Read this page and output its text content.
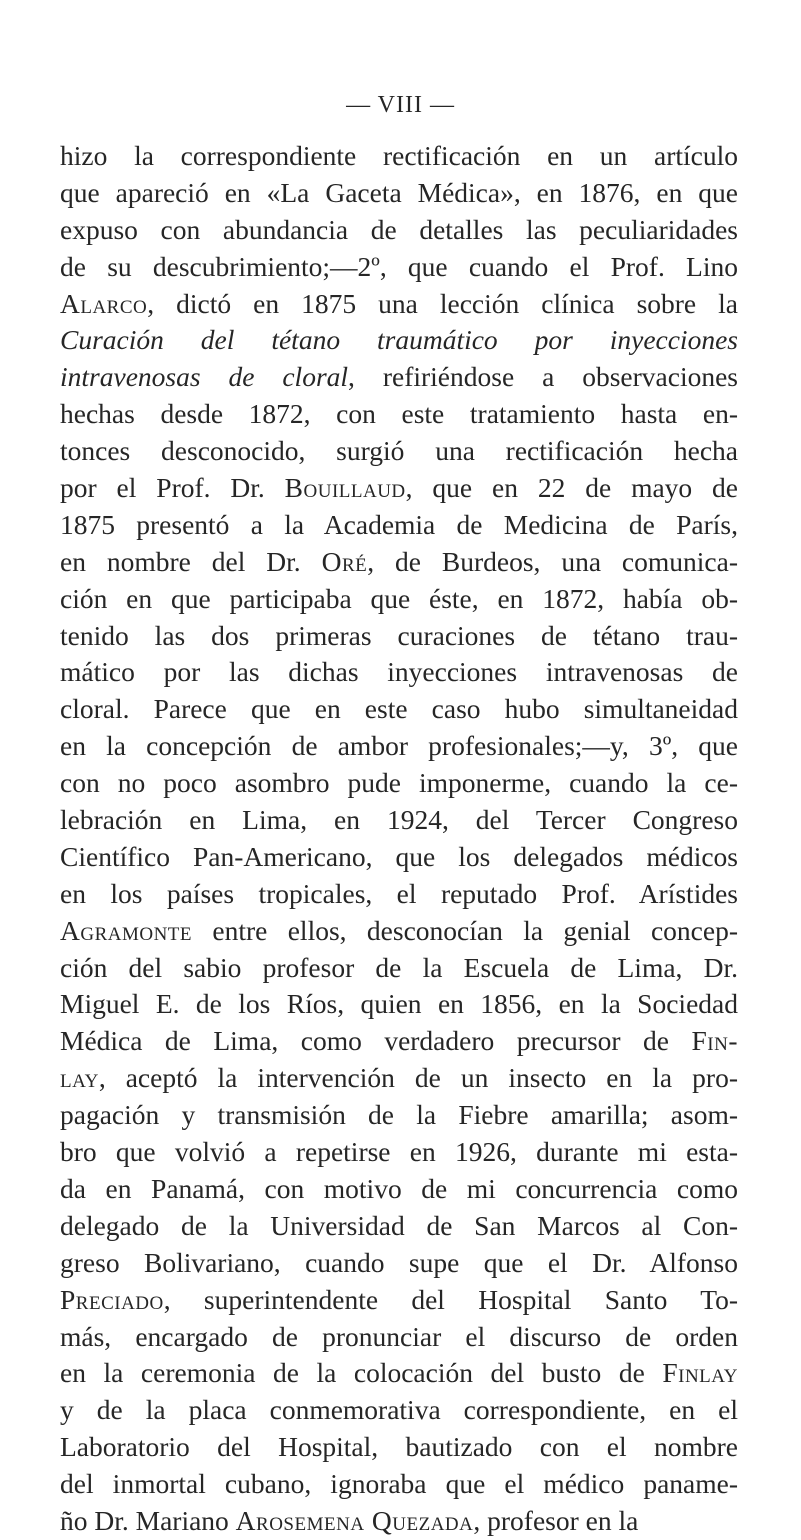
— VIII —
hizo la correspondiente rectificación en un artículo
que apareció en «La Gaceta Médica», en 1876, en que
expuso con abundancia de detalles las peculiaridades
de su descubrimiento;—2º, que cuando el Prof. Lino
Alarco, dictó en 1875 una lección clínica sobre la
Curación del tétano traumático por inyecciones
intravenosas de cloral, refiriéndose a observaciones
hechas desde 1872, con este tratamiento hasta en-
tonces desconocido, surgió una rectificación hecha
por el Prof. Dr. Bouillaud, que en 22 de mayo de
1875 presentó a la Academia de Medicina de París,
en nombre del Dr. Oré, de Burdeos, una comunica-
ción en que participaba que éste, en 1872, había ob-
tenido las dos primeras curaciones de tétano trau-
mático por las dichas inyecciones intravenosas de
cloral. Parece que en este caso hubo simultaneidad
en la concepción de ambor profesionales;—y, 3º, que
con no poco asombro pude imponerme, cuando la ce-
lebración en Lima, en 1924, del Tercer Congreso
Científico Pan-Americano, que los delegados médicos
en los países tropicales, el reputado Prof. Arístides
Agramonte entre ellos, desconocían la genial concep-
ción del sabio profesor de la Escuela de Lima, Dr.
Miguel E. de los Ríos, quien en 1856, en la Sociedad
Médica de Lima, como verdadero precursor de Fin-
lay, aceptó la intervención de un insecto en la pro-
pagación y transmisión de la Fiebre amarilla; asom-
bro que volvió a repetirse en 1926, durante mi esta-
da en Panamá, con motivo de mi concurrencia como
delegado de la Universidad de San Marcos al Con-
greso Bolivariano, cuando supe que el Dr. Alfonso
Preciado, superintendente del Hospital Santo To-
más, encargado de pronunciar el discurso de orden
en la ceremonia de la colocación del busto de Finlay
y de la placa conmemorativa correspondiente, en el
Laboratorio del Hospital, bautizado con el nombre
del inmortal cubano, ignoraba que el médico paname-
ño Dr. Mariano Arosemena Quezada, profesor en la
